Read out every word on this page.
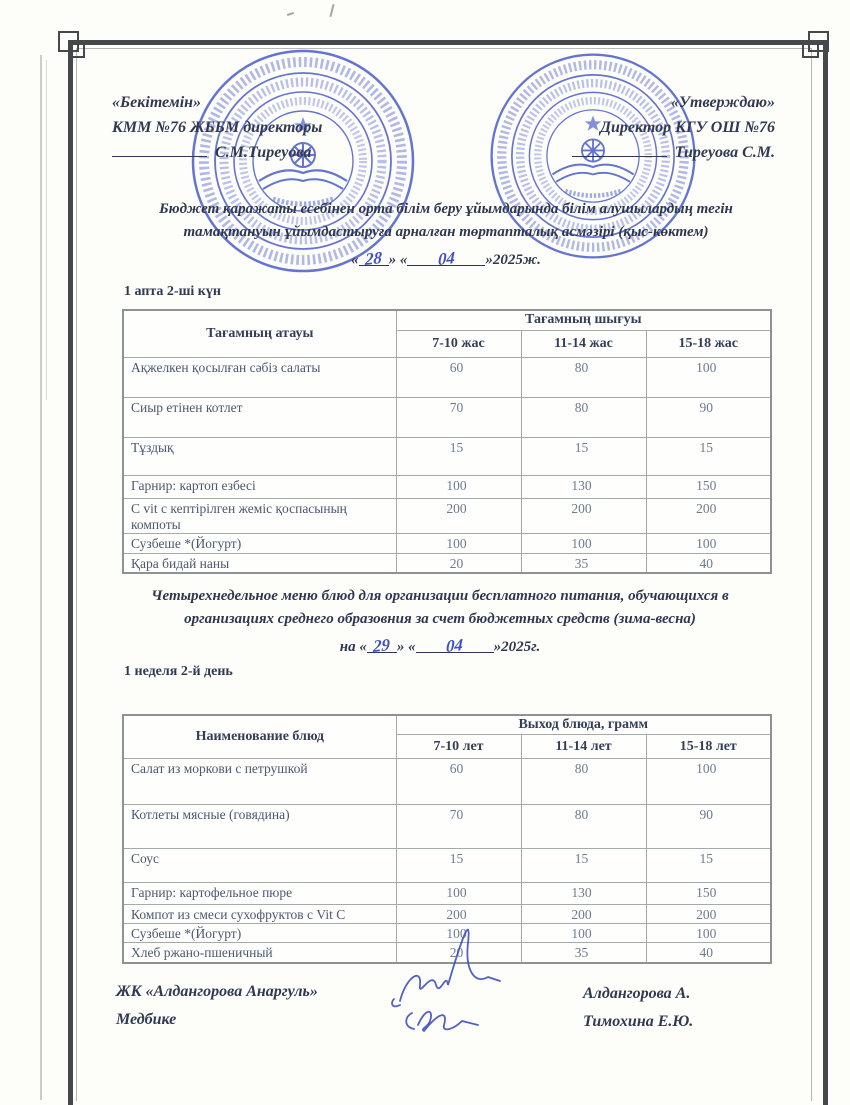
«Бекітемін»
КММ №76 ЖББМ директоры
С.М.Тиреуова
«Утверждаю»
Директор КГУ ОШ №76
Тиреуова С.М.
Бюджет қаражаты есебінен орта білім беру ұйымдарында білім алушылардың тегін
тамақтануын ұйымдастыруға арналған төртапталық асмәзірі (қыс-көктем)
« 28 » « 04 »2025ж.
1 апта 2-ші күн
Тағамның атауы	Тағамның шығуы		
	7-10 жас	11-14 жас	15-18 жас
Ақжелкен қосылған сәбіз салаты	60	80	100
Сиыр етінен котлет	70	80	90
Тұздық	15	15	15
Гарнир: картоп езбесі	100	130	150
С vit с кептірілген жеміс қоспасының компоты	200	200	200
Сузбеше *(Йогурт)	100	100	100
Қара бидай наны	20	35	40
Четырехнедельное меню блюд для организации бесплатного питания, обучающихся в
организациях среднего образовния за счет бюджетных средств (зима-весна)
на « 29 » « 04 »2025г.
1 неделя 2-й день
Наименование блюд	Выход блюда, грамм		
	7-10 лет	11-14 лет	15-18 лет
Салат из моркови с петрушкой	60	80	100
Котлеты мясные (говядина)	70	80	90
Соус	15	15	15
Гарнир: картофельное пюре	100	130	150
Компот из смеси сухофруктов с Vit C	200	200	200
Сузбеше *(Йогурт)	100	100	100
Хлеб ржано-пшеничный	20	35	40
ЖК «Алдангорова Анаргуль»
Медбике
Алдангорова А.
Тимохина Е.Ю.
